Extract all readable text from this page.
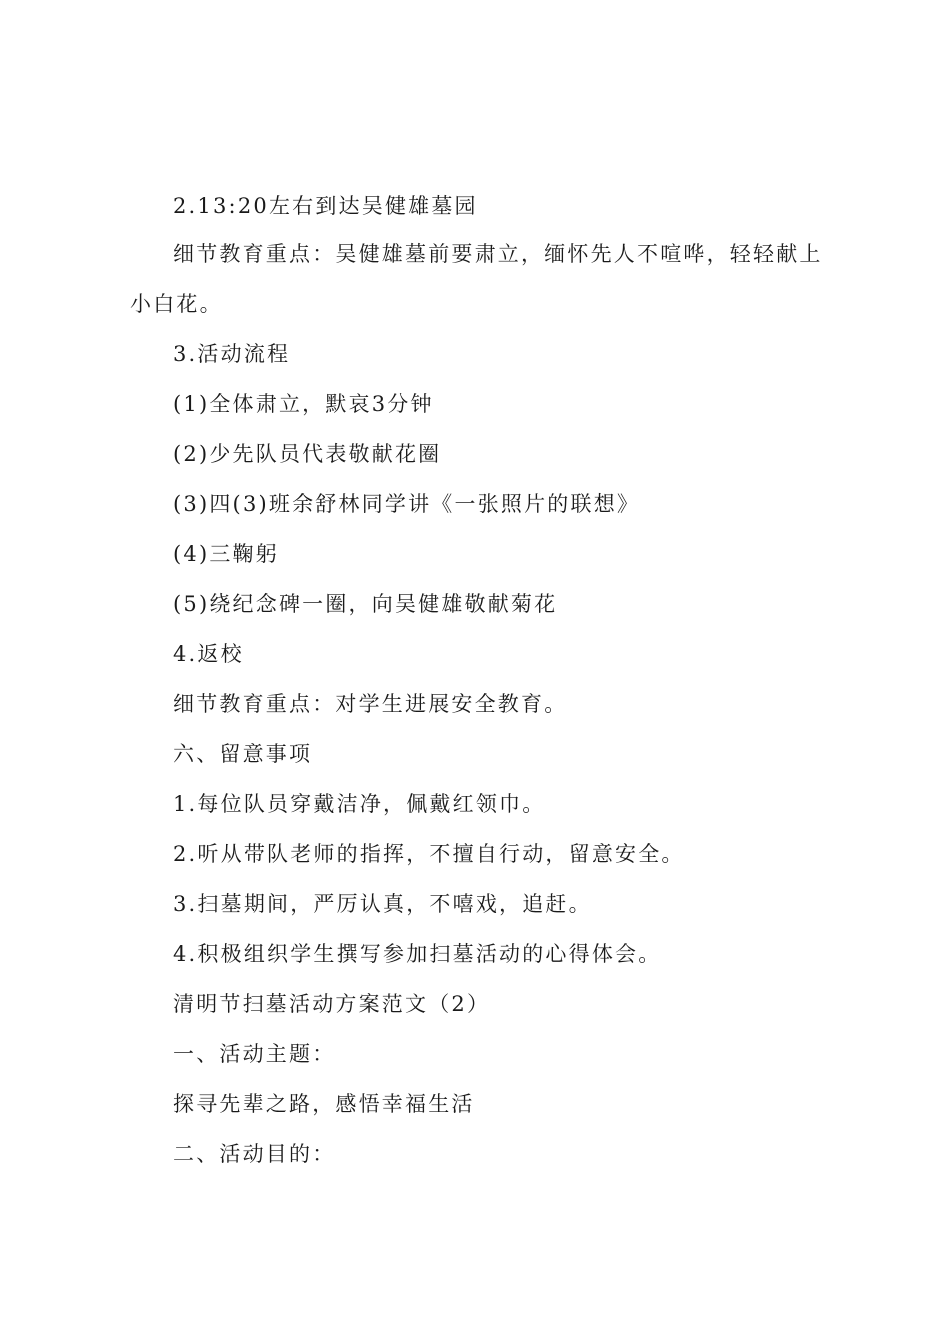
2.13:20左右到达吴健雄墓园

细节教育重点：吴健雄墓前要肃立，缅怀先人不喧哗，轻轻献上小白花。

3.活动流程

(1)全体肃立，默哀3分钟

(2)少先队员代表敬献花圈

(3)四(3)班余舒林同学讲《一张照片的联想》

(4)三鞠躬

(5)绕纪念碑一圈，向吴健雄敬献菊花

4.返校

细节教育重点：对学生进展安全教育。

六、留意事项

1.每位队员穿戴洁净，佩戴红领巾。

2.听从带队老师的指挥，不擅自行动，留意安全。

3.扫墓期间，严厉认真，不嘻戏，追赶。

4.积极组织学生撰写参加扫墓活动的心得体会。

清明节扫墓活动方案范文（2）

一、活动主题：

探寻先辈之路，感悟幸福生活

二、活动目的：
